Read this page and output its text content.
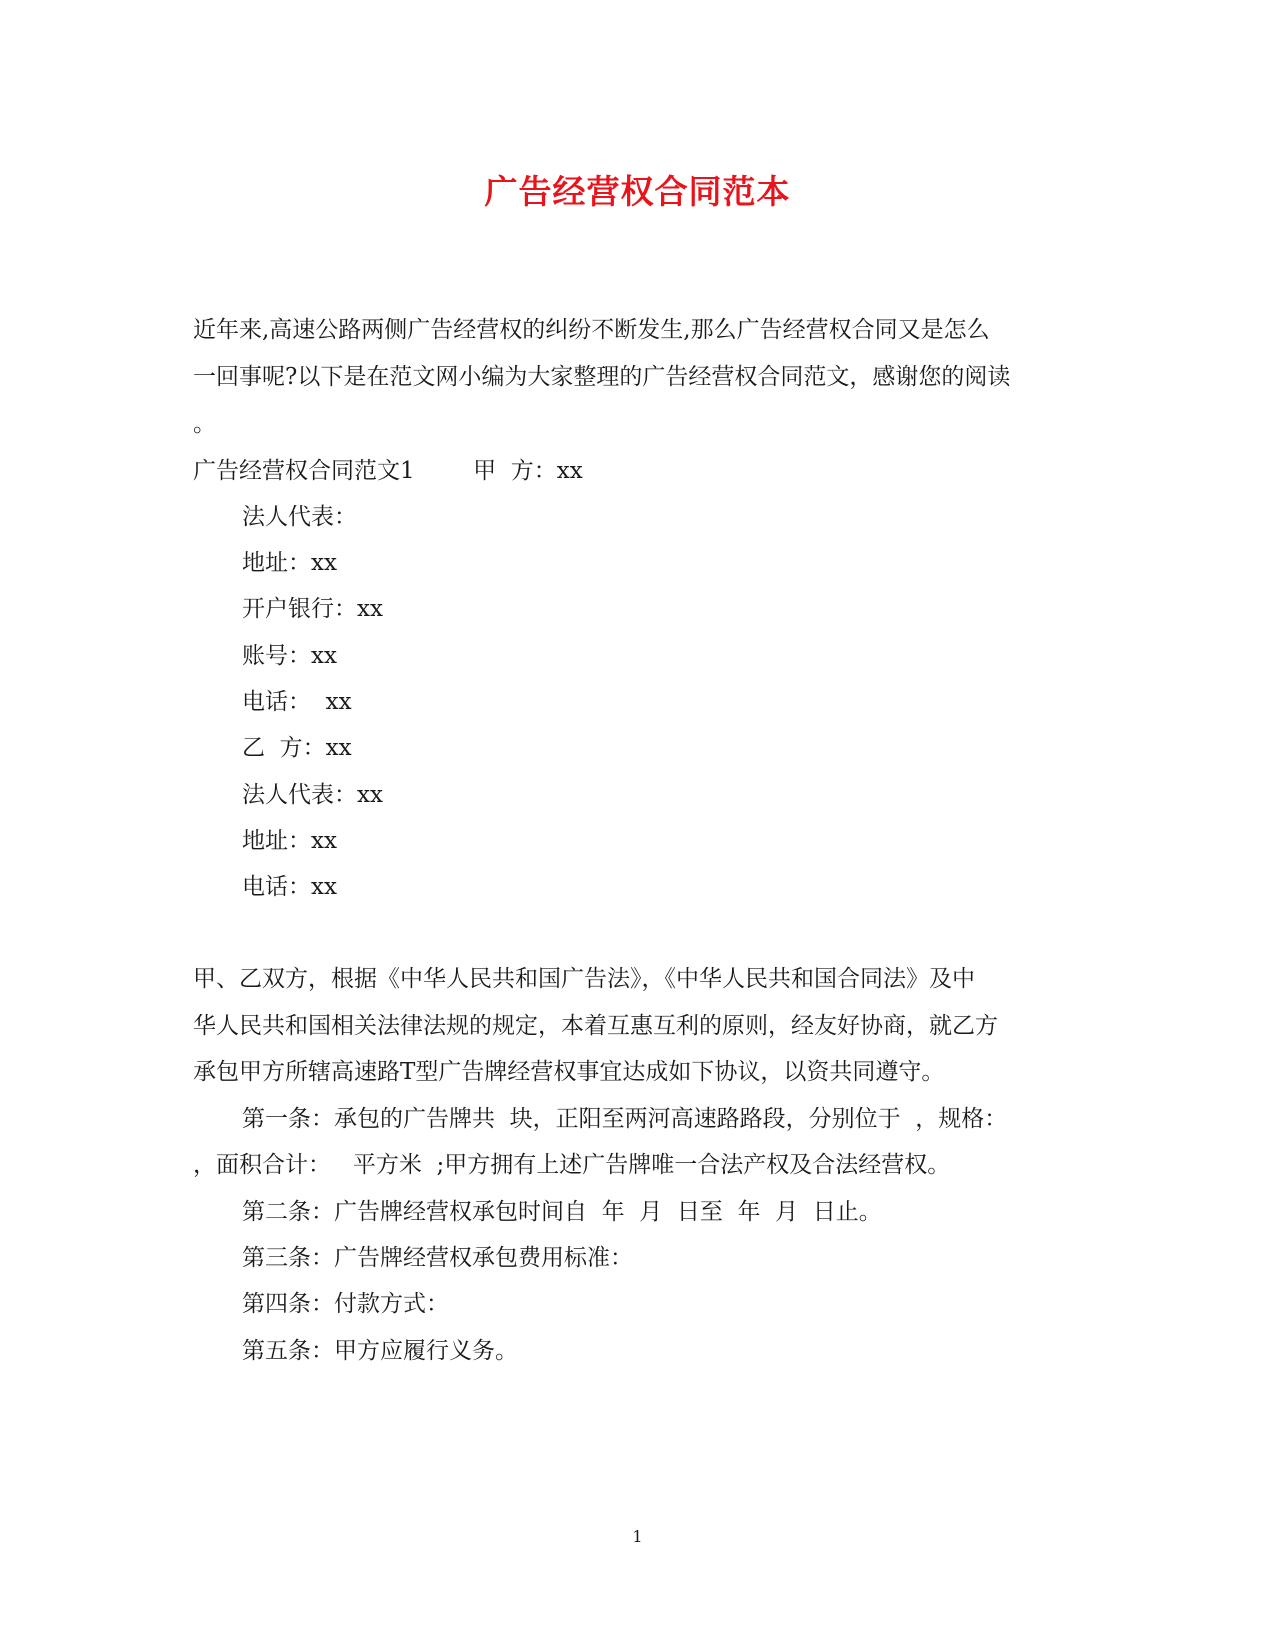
广告经营权合同范本
近年来,高速公路两侧广告经营权的纠纷不断发生,那么广告经营权合同又是怎么
一回事呢?以下是在范文网小编为大家整理的广告经营权合同范文，感谢您的阅读
。
广告经营权合同范文1        甲  方：xx
法人代表：
地址：xx
开户银行：xx
账号：xx
电话：  xx
乙  方：xx
法人代表：xx
地址：xx
电话：xx
甲、乙双方，根据《中华人民共和国广告法》，《中华人民共和国合同法》及中
华人民共和国相关法律法规的规定，本着互惠互利的原则，经友好协商，就乙方
承包甲方所辖高速路T型广告牌经营权事宜达成如下协议，以资共同遵守。
第一条：承包的广告牌共  块，正阳至两河高速路路段，分别位于  ，规格：
，面积合计：   平方米  ;甲方拥有上述广告牌唯一合法产权及合法经营权。
第二条：广告牌经营权承包时间自  年  月  日至  年  月  日止。
第三条：广告牌经营权承包费用标准：
第四条：付款方式：
第五条：甲方应履行义务。
1
